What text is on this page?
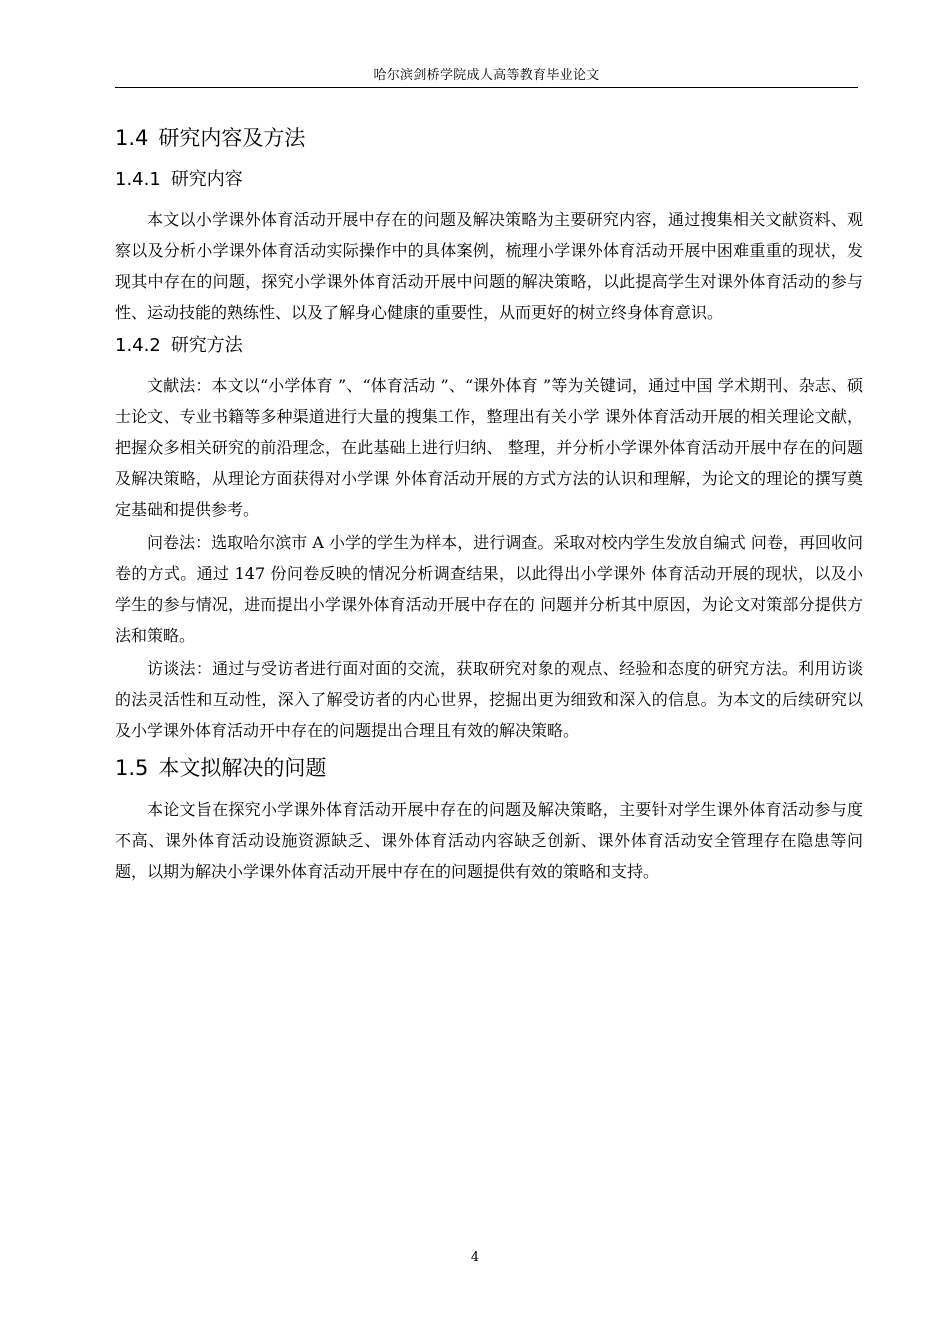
哈尔滨剑桥学院成人高等教育毕业论文
1.4 研究内容及方法
1.4.1 研究内容

本文以小学课外体育活动开展中存在的问题及解决策略为主要研究内容，通过搜集相关文献资料、观察以及分析小学课外体育活动实际操作中的具体案例，梳理小学课外体育活动开展中困难重重的现状，发现其中存在的问题，探究小学课外体育活动开展中问题的解决策略，以此提高学生对课外体育活动的参与性、运动技能的熟练性、以及了解身心健康的重要性，从而更好的树立终身体育意识。

1.4.2 研究方法

文献法：本文以“小学体育 ”、“体育活动 ”、“课外体育 ”等为关键词，通过中国 学术期刊、杂志、硕士论文、专业书籍等多种渠道进行大量的搜集工作，整理出有关小学 课外体育活动开展的相关理论文献，把握众多相关研究的前沿理念，在此基础上进行归纳、 整理，并分析小学课外体育活动开展中存在的问题及解决策略，从理论方面获得对小学课 外体育活动开展的方式方法的认识和理解，为论文的理论的撰写奠定基础和提供参考。

问卷法：选取哈尔滨市 A 小学的学生为样本，进行调查。采取对校内学生发放自编式 问卷，再回收问卷的方式。通过 147 份问卷反映的情况分析调查结果，以此得出小学课外 体育活动开展的现状，以及小学生的参与情况，进而提出小学课外体育活动开展中存在的 问题并分析其中原因，为论文对策部分提供方法和策略。

访谈法：通过与受访者进行面对面的交流，获取研究对象的观点、经验和态度的研究方法。利用访谈的法灵活性和互动性，深入了解受访者的内心世界，挖掘出更为细致和深入的信息。为本文的后续研究以及小学课外体育活动开中存在的问题提出合理且有效的解决策略。

1.5 本文拟解决的问题

本论文旨在探究小学课外体育活动开展中存在的问题及解决策略，主要针对学生课外体育活动参与度不高、课外体育活动设施资源缺乏、课外体育活动内容缺乏创新、课外体育活动安全管理存在隐患等问题，以期为解决小学课外体育活动开展中存在的问题提供有效的策略和支持。

4
